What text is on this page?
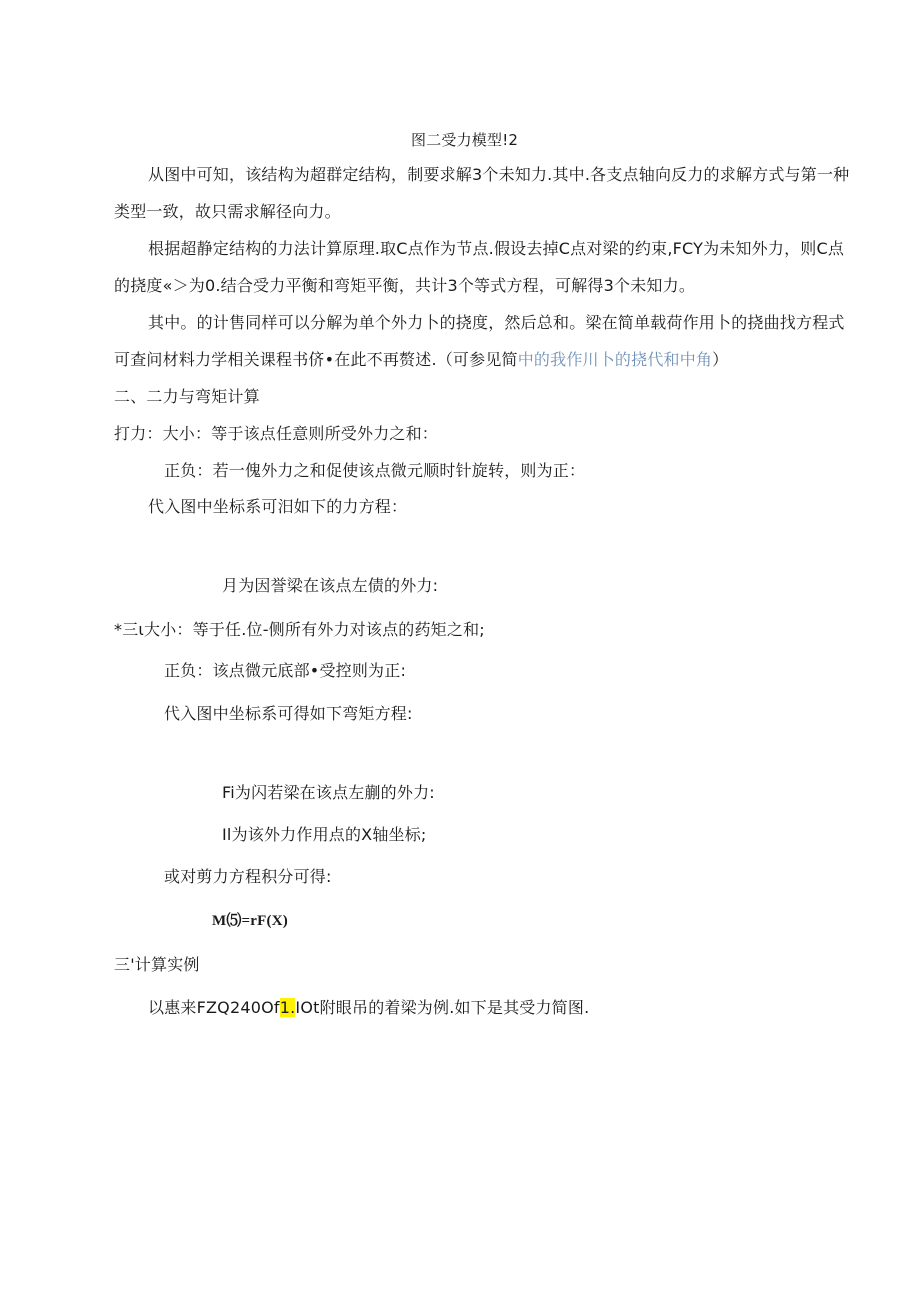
图二受力模型!2
从图中可知，该结构为超群定结构，制要求解3个未知力.其中.各支点轴向反力的求解方式与第一种
类型一致，故只需求解径向力。
根据超静定结构的力法计算原理.取C点作为节点.假设去掉C点对梁的约束,FCY为未知外力，则C点
的挠度«＞为0.结合受力平衡和弯矩平衡，共计3个等式方程，可解得3个未知力。
其中。的计售同样可以分解为单个外力卜的挠度，然后总和。梁在简单载荷作用卜的挠曲找方程式
可查问材料力学相关课程书侪•在此不再赘述.（可参见简中的我作川卜的挠代和中角）
二、二力与弯矩计算
打力：大小：等于该点任意则所受外力之和：
正负：若一傀外力之和促使该点微元顺时针旋转，则为正：
代入图中坐标系可汨如下的力方程：
月为因誉梁在该点左债的外力:
*三ι大小：等于任.位-侧所有外力对该点的药矩之和;
正负：该点微元底部•受控则为正:
代入图中坐标系可得如下弯矩方程:
Fi为闪若梁在该点左蒯的外力:
Il为该外力作用点的X轴坐标;
或对剪力方程积分可得:
M⑸=rF(X)
三'计算实例
以惠来FZQ240Of1.IOt附眼吊的着梁为例.如下是其受力简图.
